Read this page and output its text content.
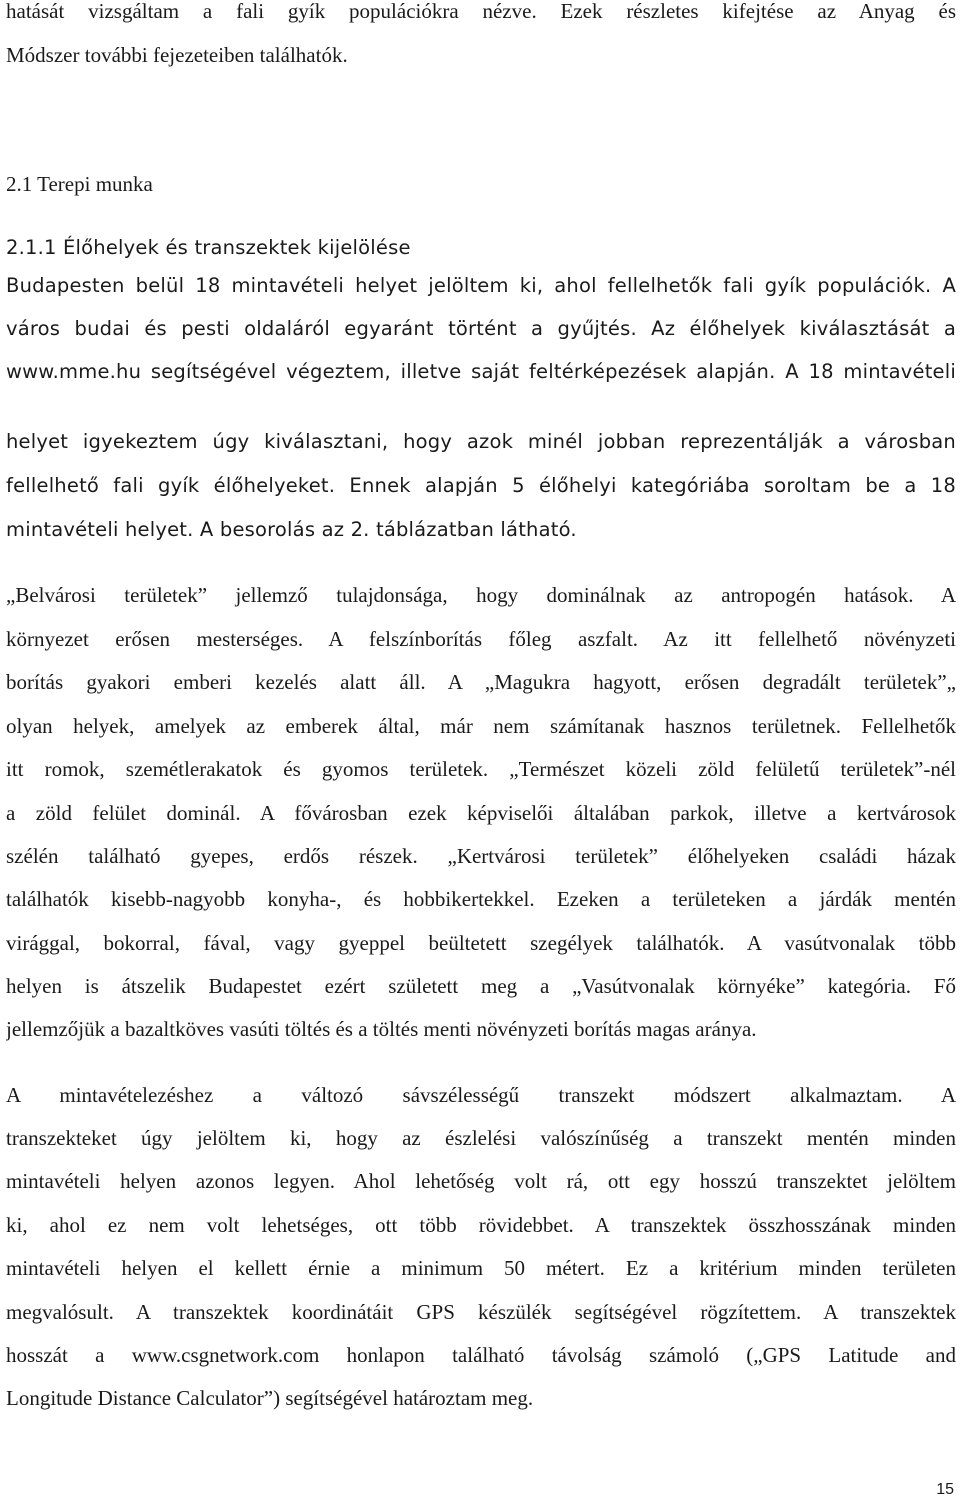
hatását vizsgáltam a fali gyík populációkra nézve. Ezek részletes kifejtése az Anyag és
Módszer további fejezeteiben találhatók.
2.1 Terepi munka
2.1.1 Élőhelyek és transzektek kijelölése
Budapesten belül 18 mintavételi helyet jelöltem ki, ahol fellelhetők fali gyík populációk. A
város budai és pesti oldaláról egyaránt történt a gyűjtés. Az élőhelyek kiválasztását a
www.mme.hu segítségével végeztem, illetve saját feltérképezések alapján. A 18 mintavételi
helyet igyekeztem úgy kiválasztani, hogy azok minél jobban reprezentálják a városban
fellelhető fali gyík élőhelyeket. Ennek alapján 5 élőhelyi kategóriába soroltam be a 18
mintavételi helyet. A besorolás az 2. táblázatban látható.
„Belvárosi területek” jellemző tulajdonsága, hogy dominálnak az antropogén hatások. A
környezet erősen mesterséges. A felszínborítás főleg aszfalt. Az itt fellelhető növényzeti
borítás gyakori emberi kezelés alatt áll. A „Magukra hagyott, erősen degradált területek”„
olyan helyek, amelyek az emberek által, már nem számítanak hasznos területnek. Fellelhetők
itt romok, szemétlerakatok és gyomos területek. „Természet közeli zöld felületű területek”-nél
a zöld felület dominál. A fővárosban ezek képviselői általában parkok, illetve a kertvárosok
szélén található gyepes, erdős részek. „Kertvárosi területek” élőhelyeken családi házak
találhatók kisebb-nagyobb konyha-, és hobbikertekkel. Ezeken a területeken a járdák mentén
virággal, bokorral, fával, vagy gyeppel beültetett szegélyek találhatók. A vasútvonalak több
helyen is átszelik Budapestet ezért született meg a „Vasútvonalak környéke” kategória. Fő
jellemzőjük a bazaltköves vasúti töltés és a töltés menti növényzeti borítás magas aránya.
A mintavételezéshez a változó sávszélességű transzekt módszert alkalmaztam. A
transzekteket úgy jelöltem ki, hogy az észlelési valószínűség a transzekt mentén minden
mintavételi helyen azonos legyen. Ahol lehetőség volt rá, ott egy hosszú transzektet jelöltem
ki, ahol ez nem volt lehetséges, ott több rövidebbet. A transzektek összhosszának minden
mintavételi helyen el kellett érnie a minimum 50 métert. Ez a kritérium minden területen
megvalósult. A transzektek koordinátáit GPS készülék segítségével rögzítettem. A transzektek
hosszát a www.csgnetwork.com honlapon található távolság számoló („GPS Latitude and
Longitude Distance Calculator”) segítségével határoztam meg.
15
